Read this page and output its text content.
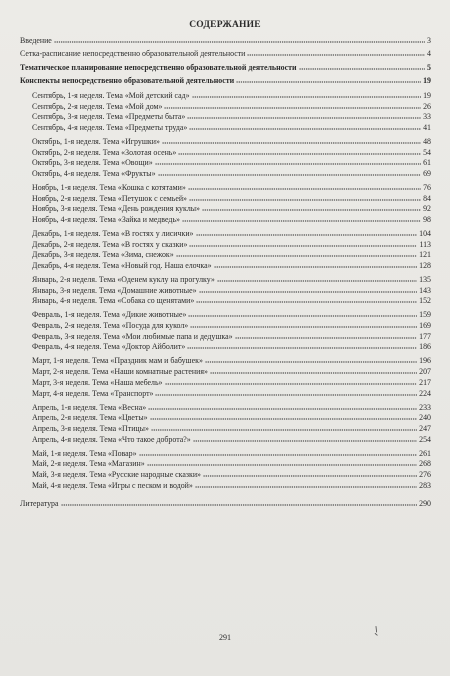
СОДЕРЖАНИЕ
Введение	3
Сетка-расписание непосредственно образовательной деятельности	4
Тематическое планирование непосредственно образовательной деятельности	5
Конспекты непосредственно образовательной деятельности	19
Сентябрь, 1-я неделя. Тема «Мой детский сад»	19
Сентябрь, 2-я неделя. Тема «Мой дом»	26
Сентябрь, 3-я неделя. Тема «Предметы быта»	33
Сентябрь, 4-я неделя. Тема «Предметы труда»	41
Октябрь, 1-я неделя. Тема «Игрушки»	48
Октябрь, 2-я неделя. Тема «Золотая осень»	54
Октябрь, 3-я неделя. Тема «Овощи»	61
Октябрь, 4-я неделя. Тема «Фрукты»	69
Ноябрь, 1-я неделя. Тема «Кошка с котятами»	76
Ноябрь, 2-я неделя. Тема «Петушок с семьей»	84
Ноябрь, 3-я неделя. Тема «День рождения куклы»	92
Ноябрь, 4-я неделя. Тема «Зайка и медведь»	98
Декабрь, 1-я неделя. Тема «В гостях у лисички»	104
Декабрь, 2-я неделя. Тема «В гостях у сказки»	113
Декабрь, 3-я неделя. Тема «Зима, снежок»	121
Декабрь, 4-я неделя. Тема «Новый год. Наша елочка»	128
Январь, 2-я неделя. Тема «Оденем куклу на прогулку»	135
Январь, 3-я неделя. Тема «Домашние животные»	143
Январь, 4-я неделя. Тема «Собака со щенятами»	152
Февраль, 1-я неделя. Тема «Дикие животные»	159
Февраль, 2-я неделя. Тема «Посуда для кукол»	169
Февраль, 3-я неделя. Тема «Мои любимые папа и дедушка»	177
Февраль, 4-я неделя. Тема «Доктор Айболит»	186
Март, 1-я неделя. Тема «Праздник мам и бабушек»	196
Март, 2-я неделя. Тема «Наши комнатные растения»	207
Март, 3-я неделя. Тема «Наша мебель»	217
Март, 4-я неделя. Тема «Транспорт»	224
Апрель, 1-я неделя. Тема «Весна»	233
Апрель, 2-я неделя. Тема «Цветы»	240
Апрель, 3-я неделя. Тема «Птицы»	247
Апрель, 4-я неделя. Тема «Что такое доброта?»	254
Май, 1-я неделя. Тема «Повар»	261
Май, 2-я неделя. Тема «Магазин»	268
Май, 3-я неделя. Тема «Русские народные сказки»	276
Май, 4-я неделя. Тема «Игры с песком и водой»	283
Литература	290
291
